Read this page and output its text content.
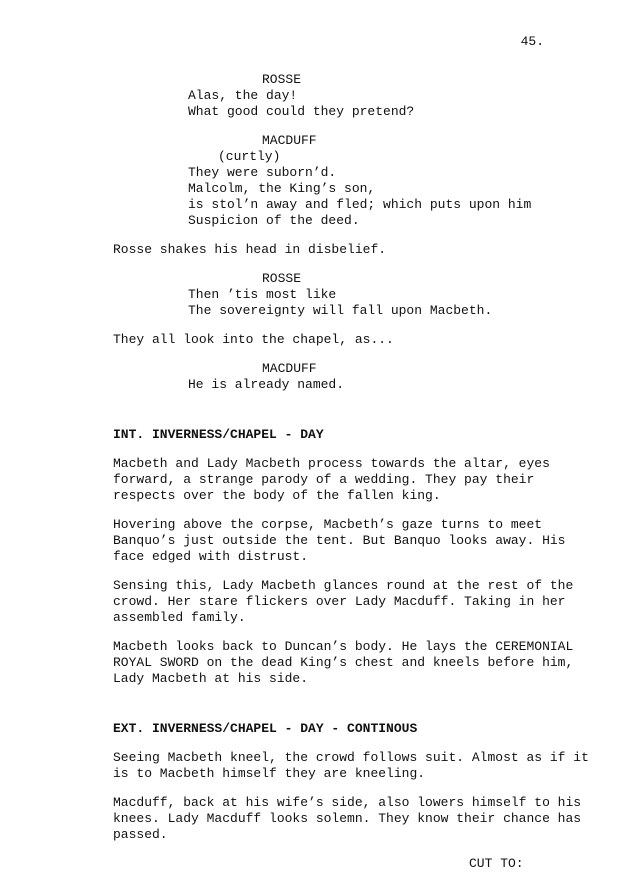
45.
ROSSE
Alas, the day!
What good could they pretend?
MACDUFF
(curtly)
They were suborn’d.
Malcolm, the King’s son,
is stol’n away and fled; which puts upon him
Suspicion of the deed.
Rosse shakes his head in disbelief.
ROSSE
Then ’tis most like
The sovereignty will fall upon Macbeth.
They all look into the chapel, as...
MACDUFF
He is already named.
INT. INVERNESS/CHAPEL - DAY
Macbeth and Lady Macbeth process towards the altar, eyes
forward, a strange parody of a wedding. They pay their
respects over the body of the fallen king.
Hovering above the corpse, Macbeth’s gaze turns to meet
Banquo’s just outside the tent. But Banquo looks away. His
face edged with distrust.
Sensing this, Lady Macbeth glances round at the rest of the
crowd. Her stare flickers over Lady Macduff. Taking in her
assembled family.
Macbeth looks back to Duncan’s body. He lays the CEREMONIAL
ROYAL SWORD on the dead King’s chest and kneels before him,
Lady Macbeth at his side.
EXT. INVERNESS/CHAPEL - DAY - CONTINOUS
Seeing Macbeth kneel, the crowd follows suit. Almost as if it
is to Macbeth himself they are kneeling.
Macduff, back at his wife’s side, also lowers himself to his
knees. Lady Macduff looks solemn. They know their chance has
passed.
CUT TO:
